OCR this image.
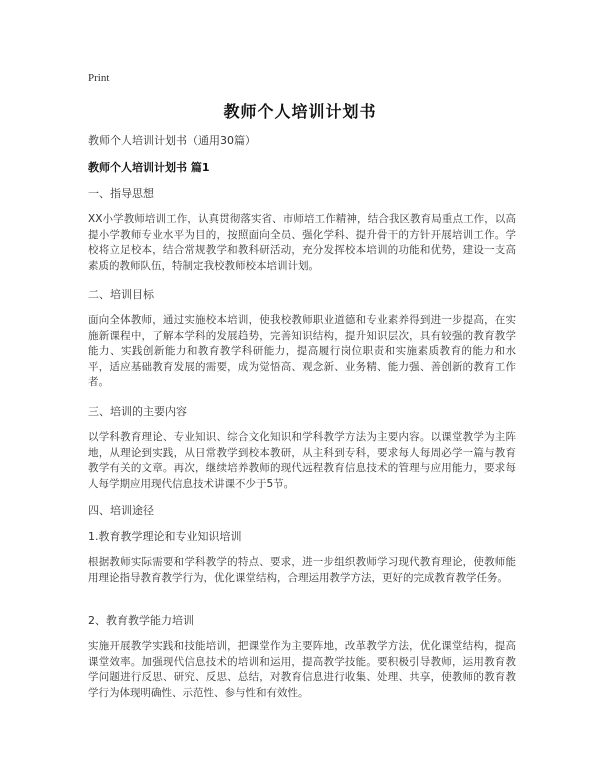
Print
教师个人培训计划书
教师个人培训计划书（通用30篇）
教师个人培训计划书 篇1
一、指导思想
XX小学教师培训工作，认真贯彻落实省、市师培工作精神，结合我区教育局重点工作，以高提小学教师专业水平为目的，按照面向全员、强化学科、提升骨干的方针开展培训工作。学校将立足校本，结合常规教学和教科研活动，充分发挥校本培训的功能和优势，建设一支高素质的教师队伍，特制定我校教师校本培训计划。
二、培训目标
面向全体教师，通过实施校本培训，使我校教师职业道德和专业素养得到进一步提高，在实施新课程中，了解本学科的发展趋势，完善知识结构，提升知识层次，具有较强的教育教学能力、实践创新能力和教育教学科研能力，提高履行岗位职责和实施素质教育的能力和水平，适应基础教育发展的需要，成为觉悟高、观念新、业务精、能力强、善创新的教育工作者。
三、培训的主要内容
以学科教育理论、专业知识、综合文化知识和学科教学方法为主要内容。以课堂教学为主阵地，从理论到实践，从日常教学到校本教研，从主科到专科，要求每人每周必学一篇与教育教学有关的文章。再次，继续培养教师的现代远程教育信息技术的管理与应用能力，要求每人每学期应用现代信息技术讲课不少于5节。
四、培训途径
1.教育教学理论和专业知识培训
根据教师实际需要和学科教学的特点、要求，进一步组织教师学习现代教育理论，使教师能用理论指导教育教学行为，优化课堂结构，合理运用教学方法，更好的完成教育教学任务。
2、教育教学能力培训
实施开展教学实践和技能培训，把课堂作为主要阵地，改革教学方法，优化课堂结构，提高课堂效率。加强现代信息技术的培训和运用，提高教学技能。要积极引导教师，运用教育教学问题进行反思、研究、反思、总结，对教育信息进行收集、处理、共享，使教师的教育教学行为体现明确性、示范性、参与性和有效性。
